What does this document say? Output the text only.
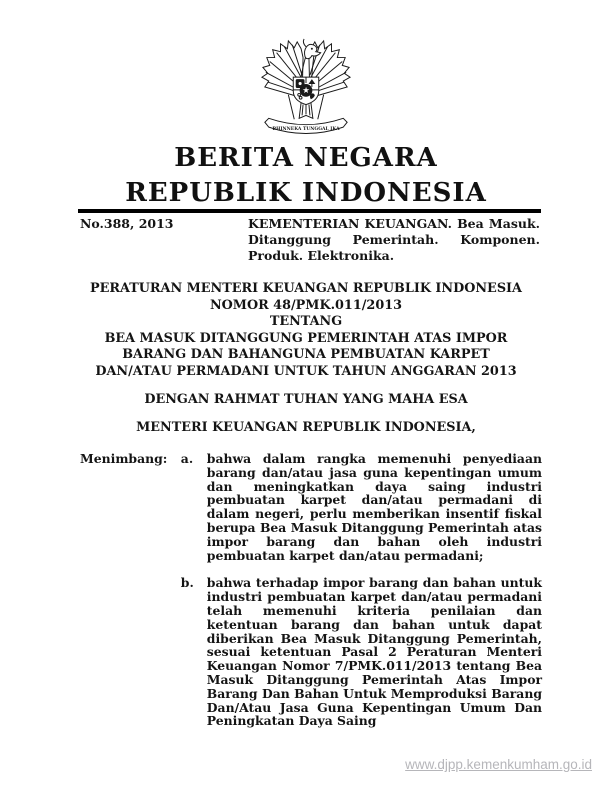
BHINNEKA TUNGGAL IKA
★
BERITA NEGARA
REPUBLIK INDONESIA
No.388, 2013	KEMENTERIAN KEUANGAN. Bea Masuk. Ditanggung Pemerintah. Komponen. Produk. Elektronika.
PERATURAN MENTERI KEUANGAN REPUBLIK INDONESIA
NOMOR 48/PMK.011/2013
TENTANG
BEA MASUK DITANGGUNG PEMERINTAH ATAS IMPOR
BARANG DAN BAHANGUNA PEMBUATAN KARPET
DAN/ATAU PERMADANI UNTUK TAHUN ANGGARAN 2013
DENGAN RAHMAT TUHAN YANG MAHA ESA
MENTERI KEUANGAN REPUBLIK INDONESIA,
Menimbang :	a.	bahwa dalam rangka memenuhi penyediaan barang dan/atau jasa guna kepentingan umum dan meningkatkan daya saing industri pembuatan karpet dan/atau permadani di dalam negeri, perlu memberikan insentif fiskal berupa Bea Masuk Ditanggung Pemerintah atas impor barang dan bahan oleh industri pembuatan karpet dan/atau permadani;
b.	bahwa terhadap impor barang dan bahan untuk industri pembuatan karpet dan/atau permadani telah memenuhi kriteria penilaian dan ketentuan barang dan bahan untuk dapat diberikan Bea Masuk Ditanggung Pemerintah, sesuai ketentuan Pasal 2 Peraturan Menteri Keuangan Nomor 7/PMK.011/2013 tentang Bea Masuk Ditanggung Pemerintah Atas Impor Barang Dan Bahan Untuk Memproduksi Barang Dan/Atau Jasa Guna Kepentingan Umum Dan Peningkatan Daya Saing
www.djpp.kemenkumham.go.id
